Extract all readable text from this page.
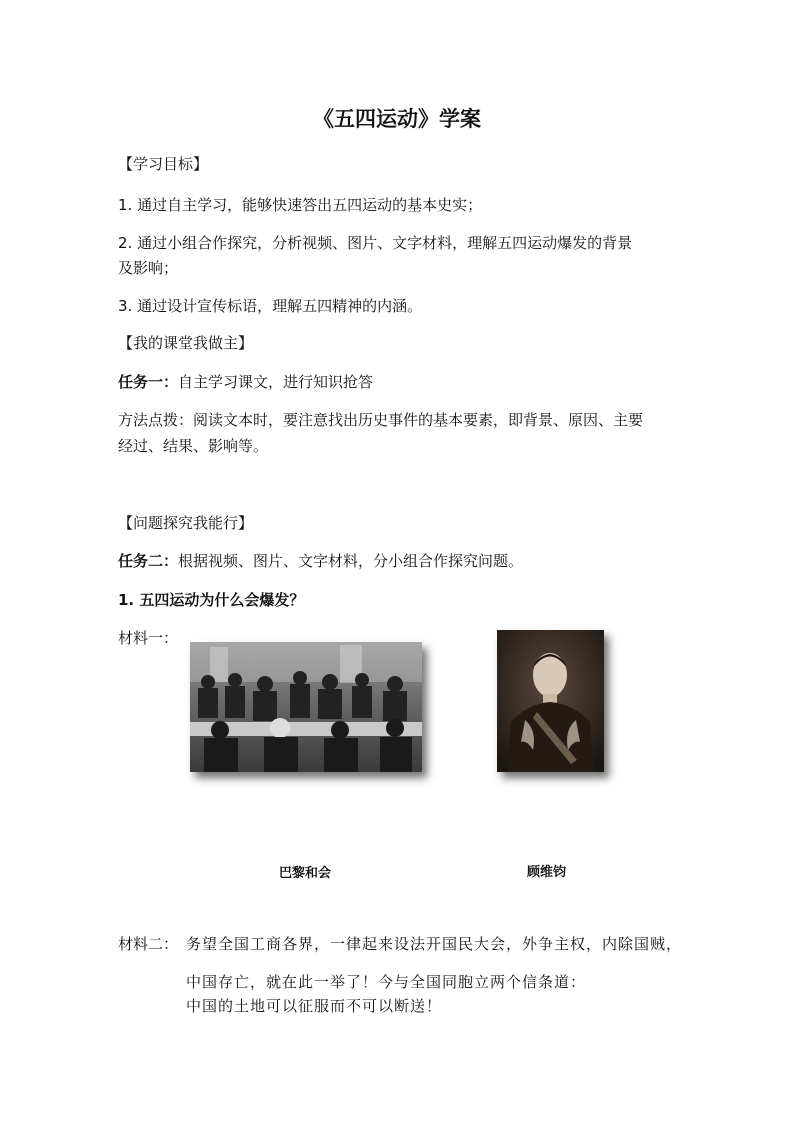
《五四运动》学案
【学习目标】
1. 通过自主学习，能够快速答出五四运动的基本史实；
2. 通过小组合作探究，分析视频、图片、文字材料，理解五四运动爆发的背景
及影响；
3. 通过设计宣传标语，理解五四精神的内涵。
【我的课堂我做主】
任务一：自主学习课文，进行知识抢答
方法点拨：阅读文本时，要注意找出历史事件的基本要素，即背景、原因、主要
经过、结果、影响等。
【问题探究我能行】
任务二：根据视频、图片、文字材料，分小组合作探究问题。
1. 五四运动为什么会爆发？
材料一：
巴黎和会	顾维钧
材料二： 务望全国工商各界，一律起来设法开国民大会，外争主权，内除国贼，
中国存亡，就在此一举了！今与全国同胞立两个信条道：
中国的土地可以征服而不可以断送！
